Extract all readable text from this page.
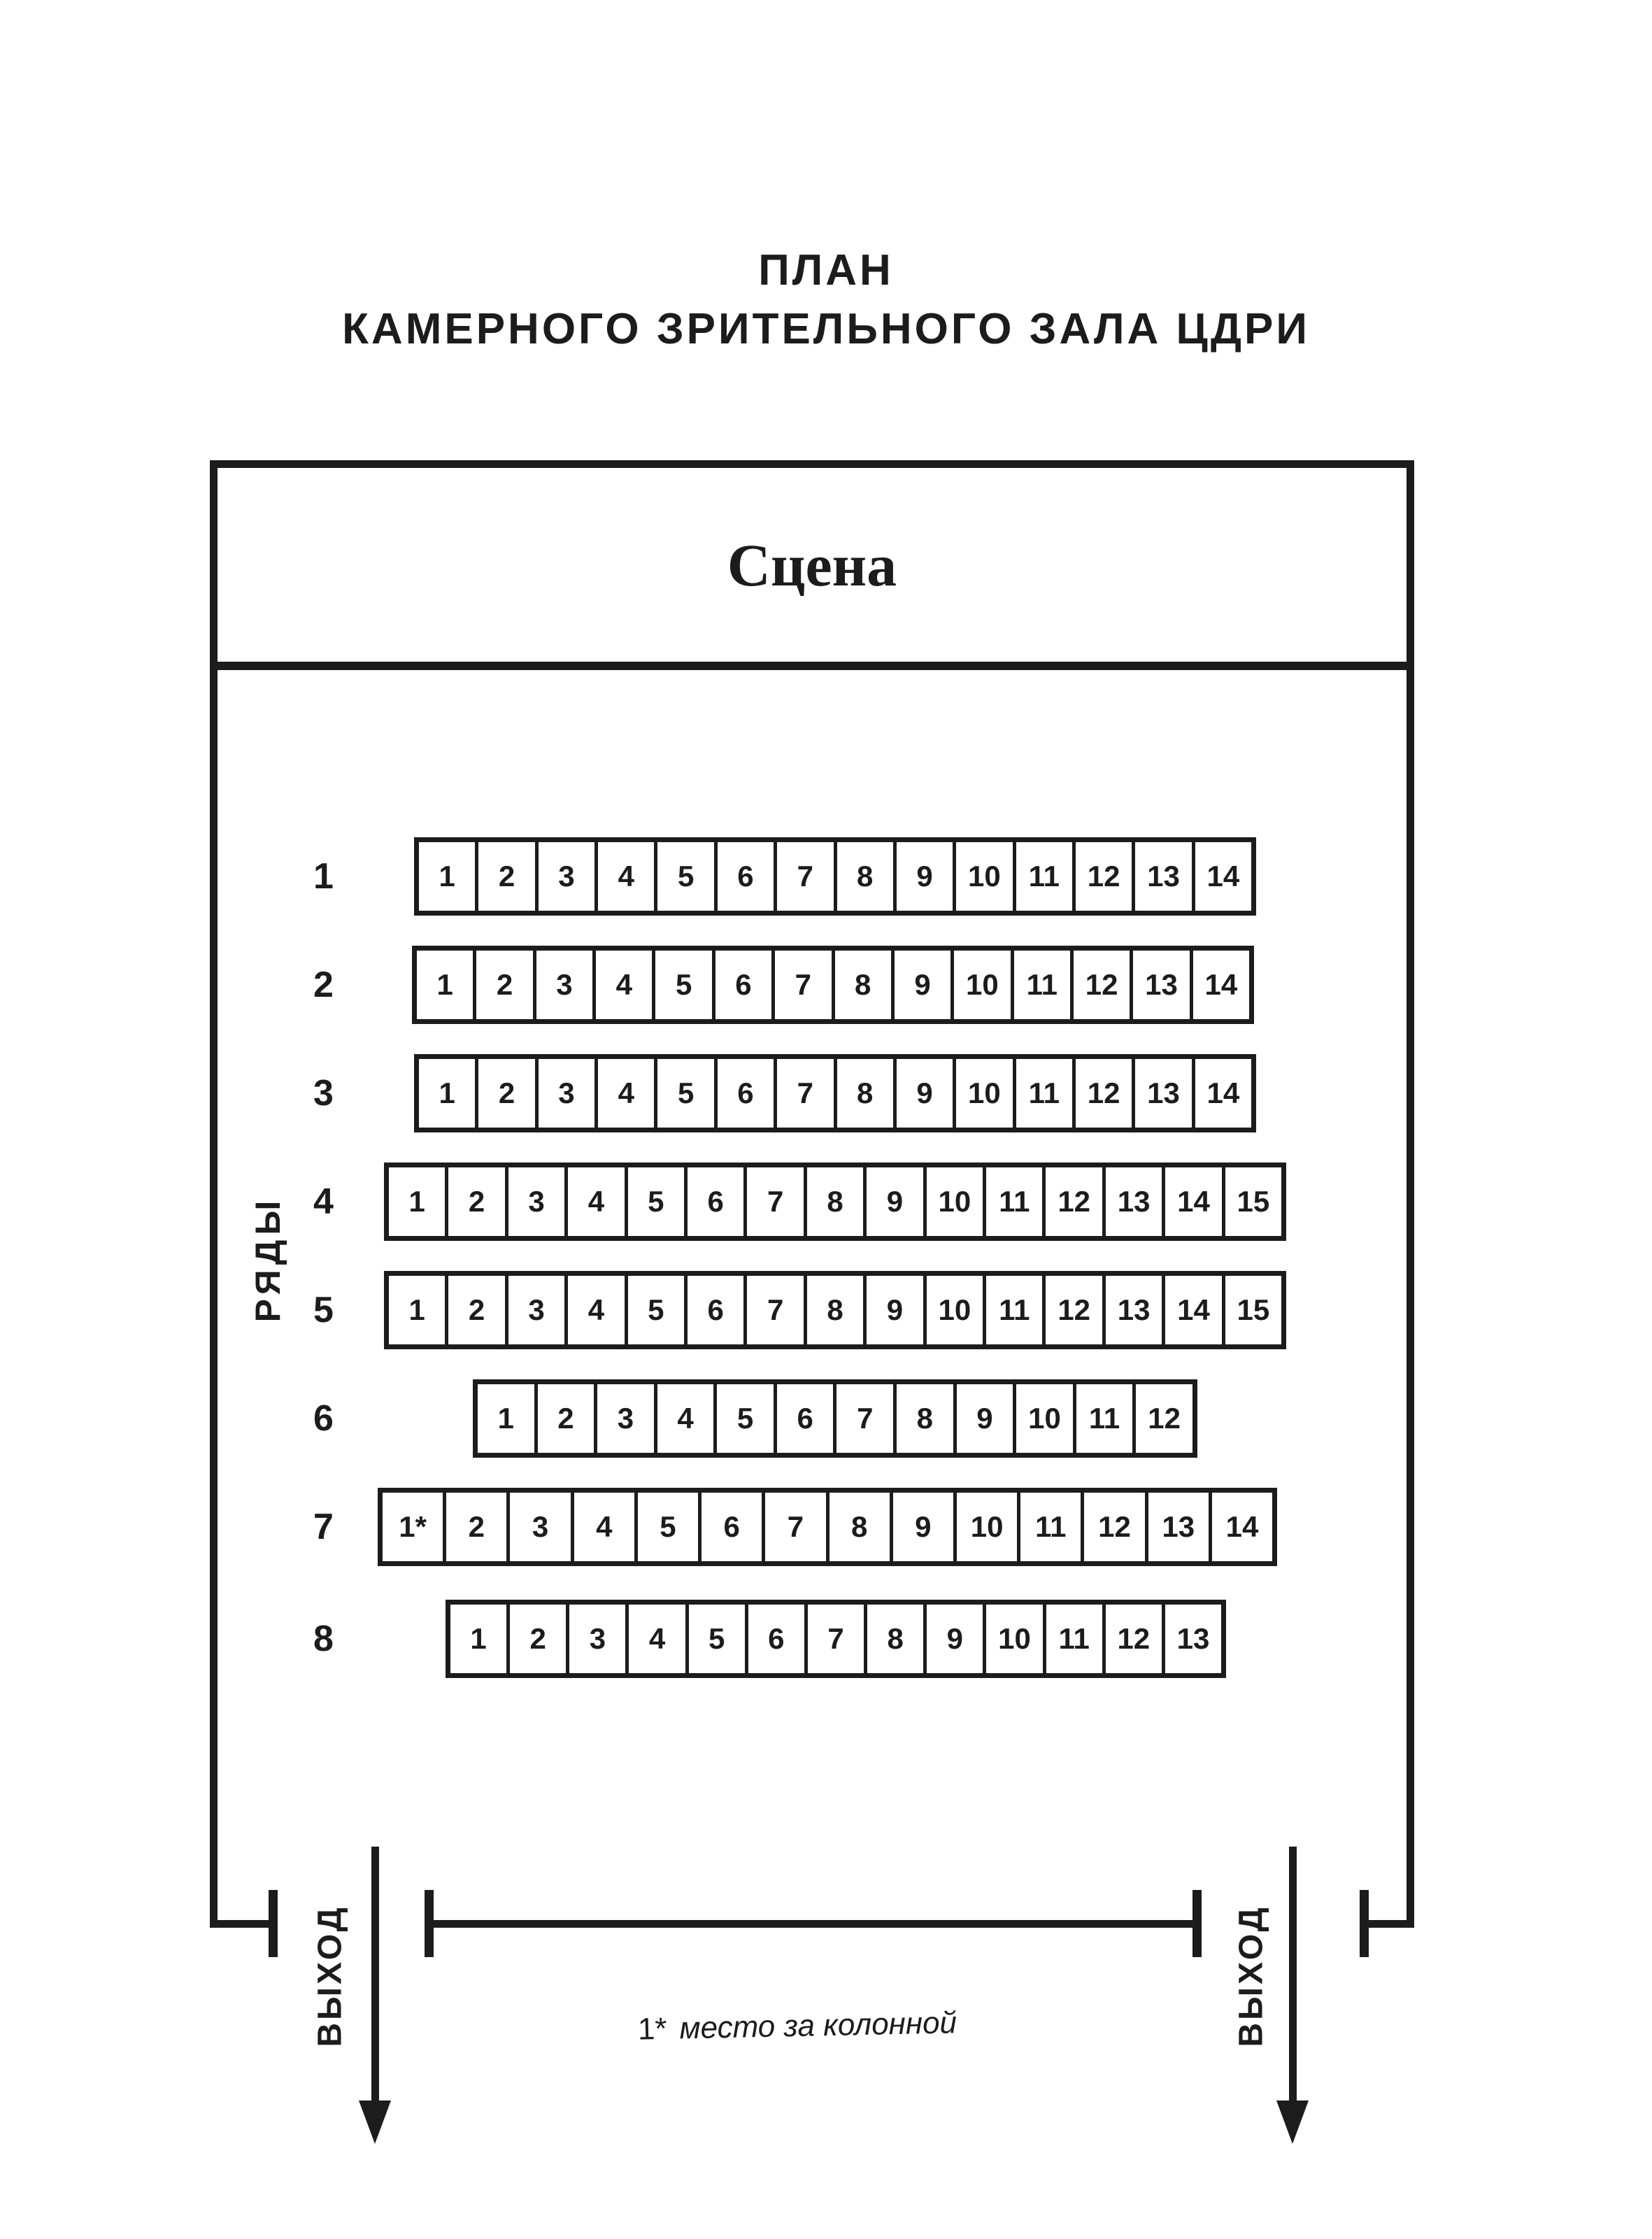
ПЛАН
КАМЕРНОГО ЗРИТЕЛЬНОГО ЗАЛА ЦДРИ
Сцена
РЯДЫ
1	1	2	3	4	5	6	7	8	9	10 11 12 13 14
2	1	2	3	4	5	6	7	8	9	10 11 12 13 14
3	1	2	3	4	5	6	7	8	9	10 11 12 13 14
4	1	2	3	4	5	6	7	8	9	10 11 12 13 14 15
5	1	2	3	4	5	6	7	8	9	10 11 12 13 14 15
6	1	2	3	4	5	6	7	8	9	10 11 12
7	1*	2	3	4	5	6	7	8	9	10	11	12	13	14
8	1	2	3	4	5	6	7	8	9	10 11 12 13
ВЫХОД	ВЫХОД
1* место за колонной
